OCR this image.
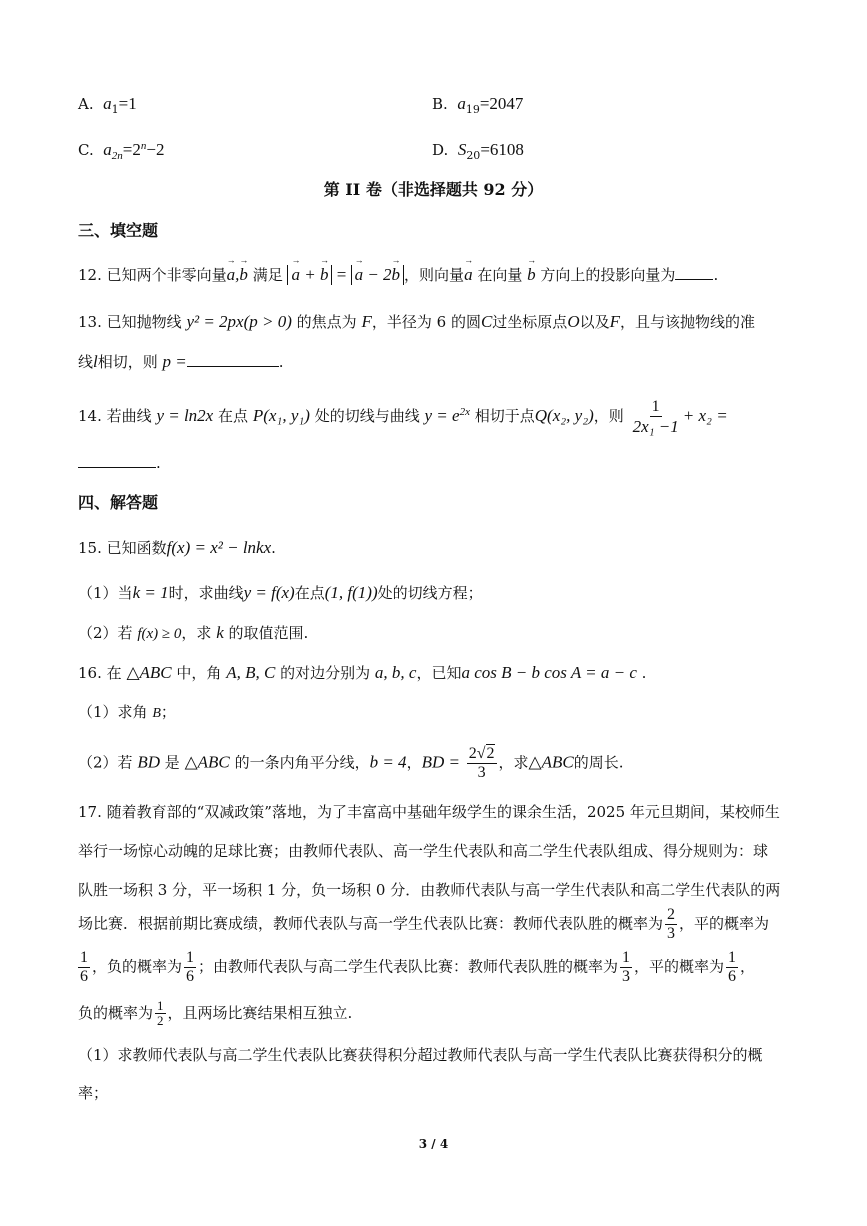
A. $a_1=1$	B. $a_{19}=2047$
C. $a_{2n}=2^n-2$	D. $S_{20}=6108$
第 II 卷（非选择题共 92 分）
三、填空题
12. 已知两个非零向量→ a,→ b 满足 → a + → b = → a − 2→ b ，则向量→ a 在向量 → b 方向上的投影向量为	.
13. 已知抛物线 y² = 2px(p > 0) 的焦点为 F，半径为 6 的圆C过坐标原点O以及F，且与该抛物线的准
线l相切，则 p =	.
14. 若曲线 y = ln2x 在点 P(x₁, y₁) 处的切线与曲线 $y = e^{2x}$ 相切于点Q(x₂, y₂)，则 $\frac{1}{\text{2x₁ −1}} + x_2$ =
.
四、解答题
15. 已知函数f(x) = x² − lnkx.
（1）当k = 1时，求曲线y = f(x)在点(1, f(1))处的切线方程；
（2）若 f(x) ≥ 0，求 k 的取值范围.
16. 在 △ABC 中，角 A, B, C 的对边分别为 a, b, c，已知a cos B − b cos A = a − c .
（1）求角 B；
（2）若 BD 是 △ABC 的一条内角平分线，b = 4，BD = $\frac{2√2}{3}$ ，求△ABC的周长.
17. 随着教育部的“双减政策”落地，为了丰富高中基础年级学生的课余生活，2025 年元旦期间，某校师生
举行一场惊心动魄的足球比赛；由教师代表队、高一学生代表队和高二学生代表队组成、得分规则为：球
队胜一场积 3 分，平一场积 1 分，负一场积 0 分．由教师代表队与高一学生代表队和高二学生代表队的两
场比赛．根据前期比赛成绩，教师代表队与高一学生代表队比赛：教师代表队胜的概率为 $\frac{2}{3}$ ，平的概率为
$\frac{1}{6}$ ，负的概率为 $\frac{1}{6}$ ；由教师代表队与高二学生代表队比赛：教师代表队胜的概率为 $\frac{1}{3}$ ，平的概率为 $\frac{1}{6}$ ，
负的概率为 $\frac{1}{2}$ ，且两场比赛结果相互独立.
（1）求教师代表队与高二学生代表队比赛获得积分超过教师代表队与高一学生代表队比赛获得积分的概
率；
3 / 4
